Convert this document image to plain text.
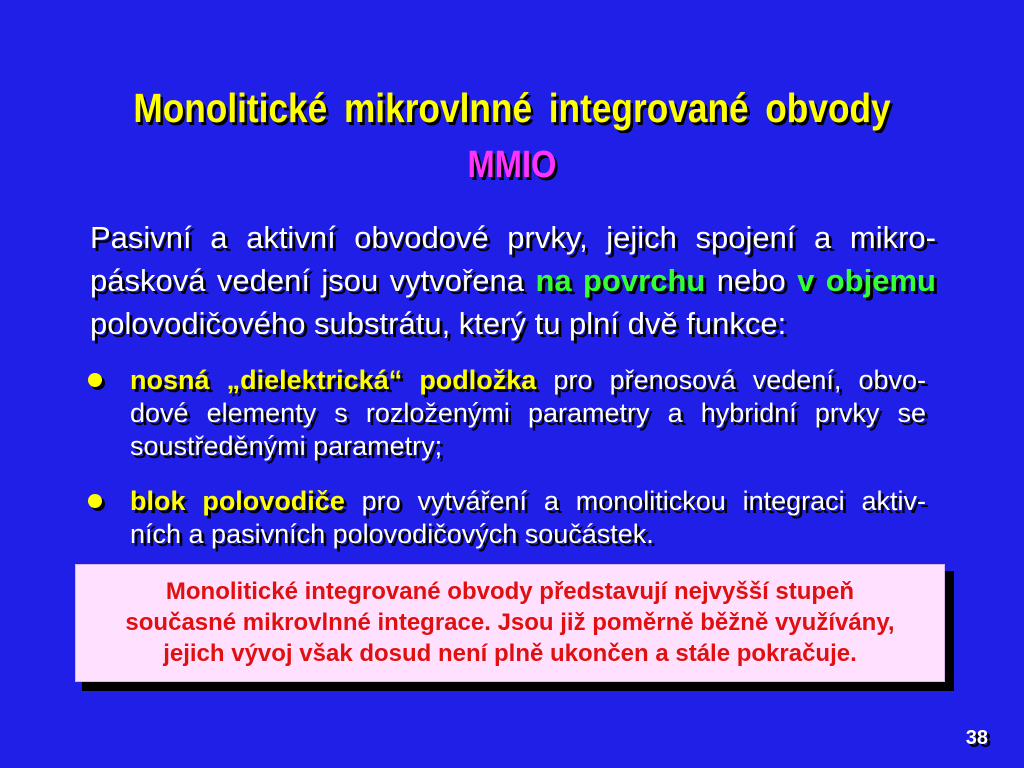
Monolitické mikrovlnné integrované obvody
MMIO
Pasivní a aktivní obvodové prvky, jejich spojení a mikro-
pásková vedení jsou vytvořena na povrchu nebo v objemu
polovodičového substrátu, který tu plní dvě funkce:
nosná „dielektrická“ podložka pro přenosová vedení, obvo-
dové elementy s rozloženými parametry a hybridní prvky se
soustředěnými parametry;
blok polovodiče pro vytváření a monolitickou integraci aktiv-
ních a pasivních polovodičových součástek.
Monolitické integrované obvody představují nejvyšší stupeň
současné mikrovlnné integrace. Jsou již poměrně běžně využívány,
jejich vývoj však dosud není plně ukončen a stále pokračuje.
38
